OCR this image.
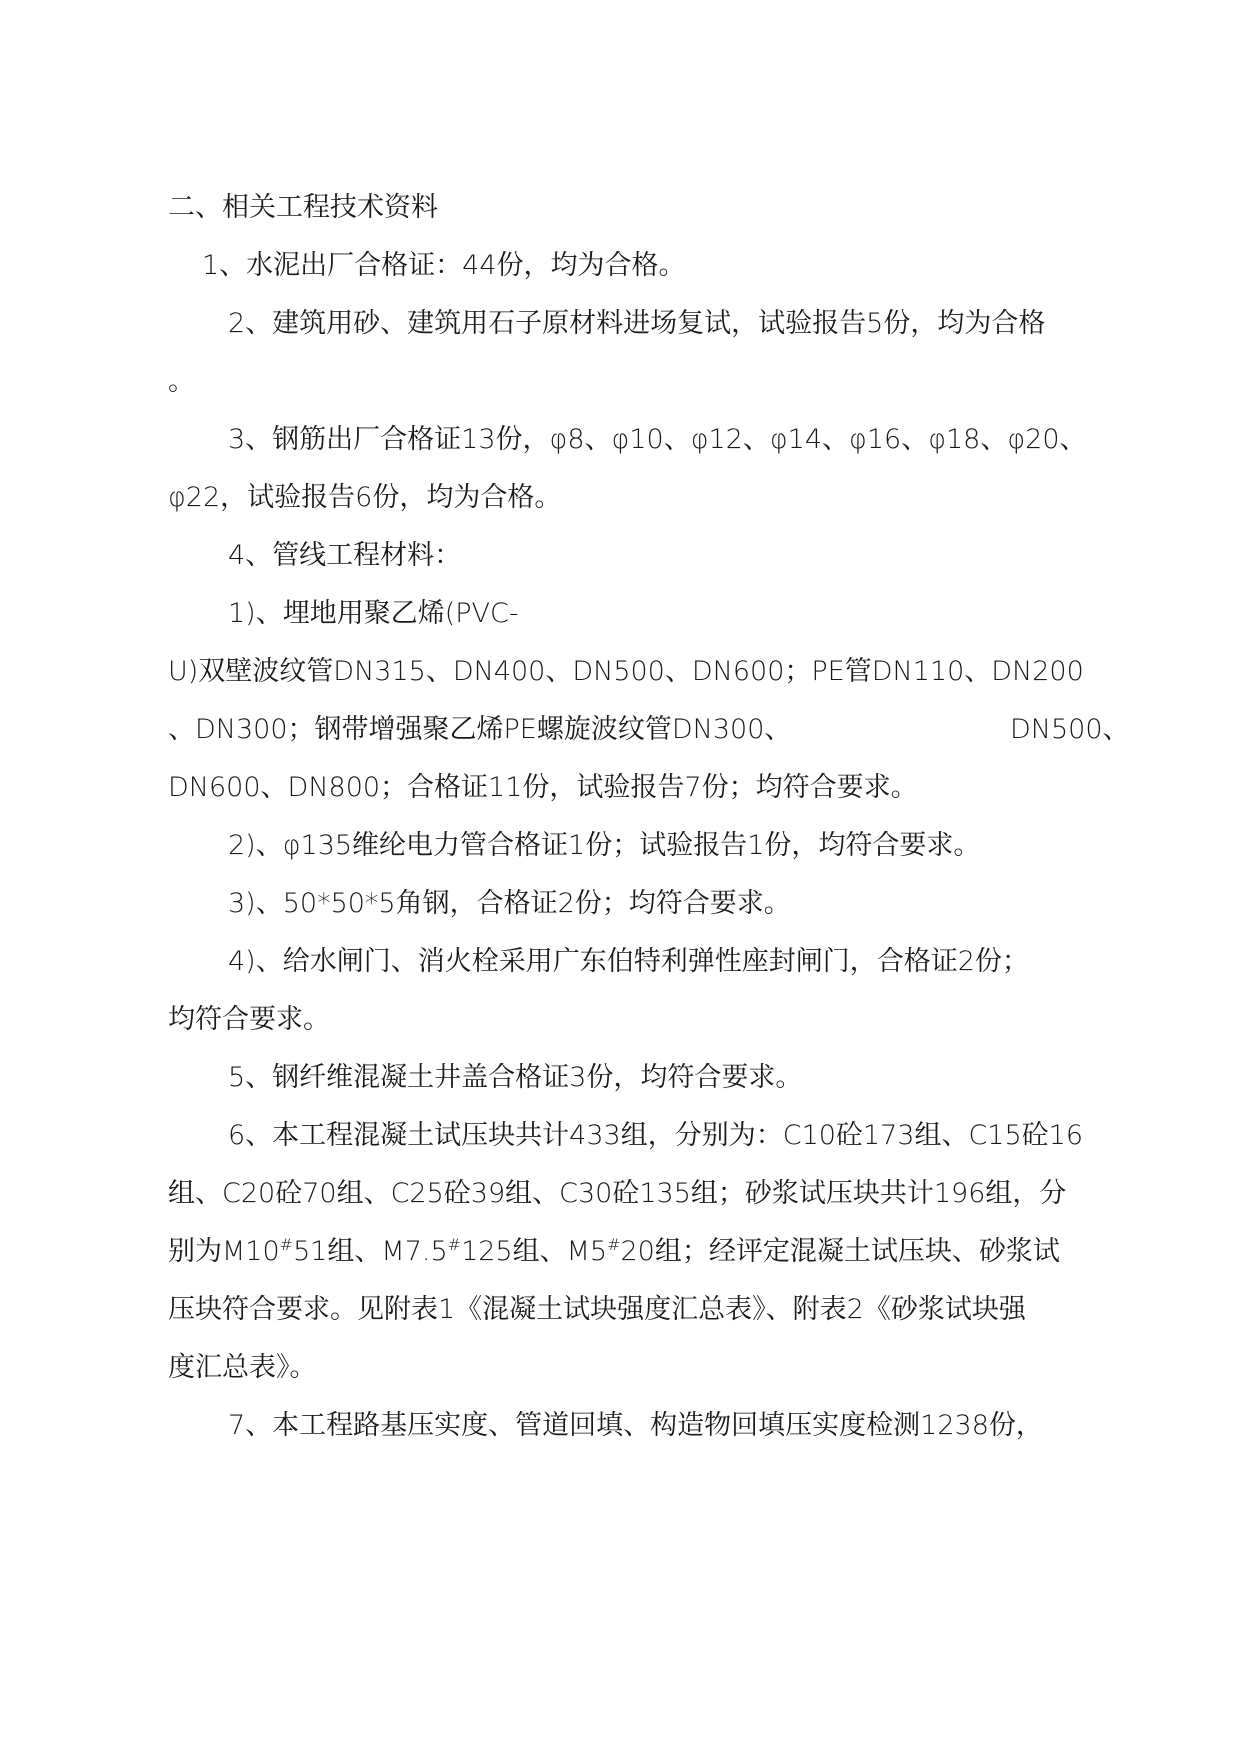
二、相关工程技术资料
1、水泥出厂合格证：44份，均为合格。
2、建筑用砂、建筑用石子原材料进场复试，试验报告5份，均为合格
。
3、钢筋出厂合格证13份，φ8、φ10、φ12、φ14、φ16、φ18、φ20、
φ22，试验报告6份，均为合格。
4、管线工程材料：
1)、埋地用聚乙烯(PVC-
U)双壁波纹管DN315、DN400、DN500、DN600；PE管DN110、DN200
、DN300；钢带增强聚乙烯PE螺旋波纹管DN300、	DN500、
DN600、DN800；合格证11份，试验报告7份；均符合要求。
2)、φ135维纶电力管合格证1份；试验报告1份，均符合要求。
3)、50*50*5角钢，合格证2份；均符合要求。
4)、给水闸门、消火栓采用广东伯特利弹性座封闸门，合格证2份；
均符合要求。
5、钢纤维混凝土井盖合格证3份，均符合要求。
6、本工程混凝土试压块共计433组，分别为：C10砼173组、C15砼16
组、C20砼70组、C25砼39组、C30砼135组；砂浆试压块共计196组，分
别为M10#51组、M7.5#125组、M5#20组；经评定混凝土试压块、砂浆试
压块符合要求。见附表1《混凝土试块强度汇总表》、附表2《砂浆试块强
度汇总表》。
7、本工程路基压实度、管道回填、构造物回填压实度检测1238份，
